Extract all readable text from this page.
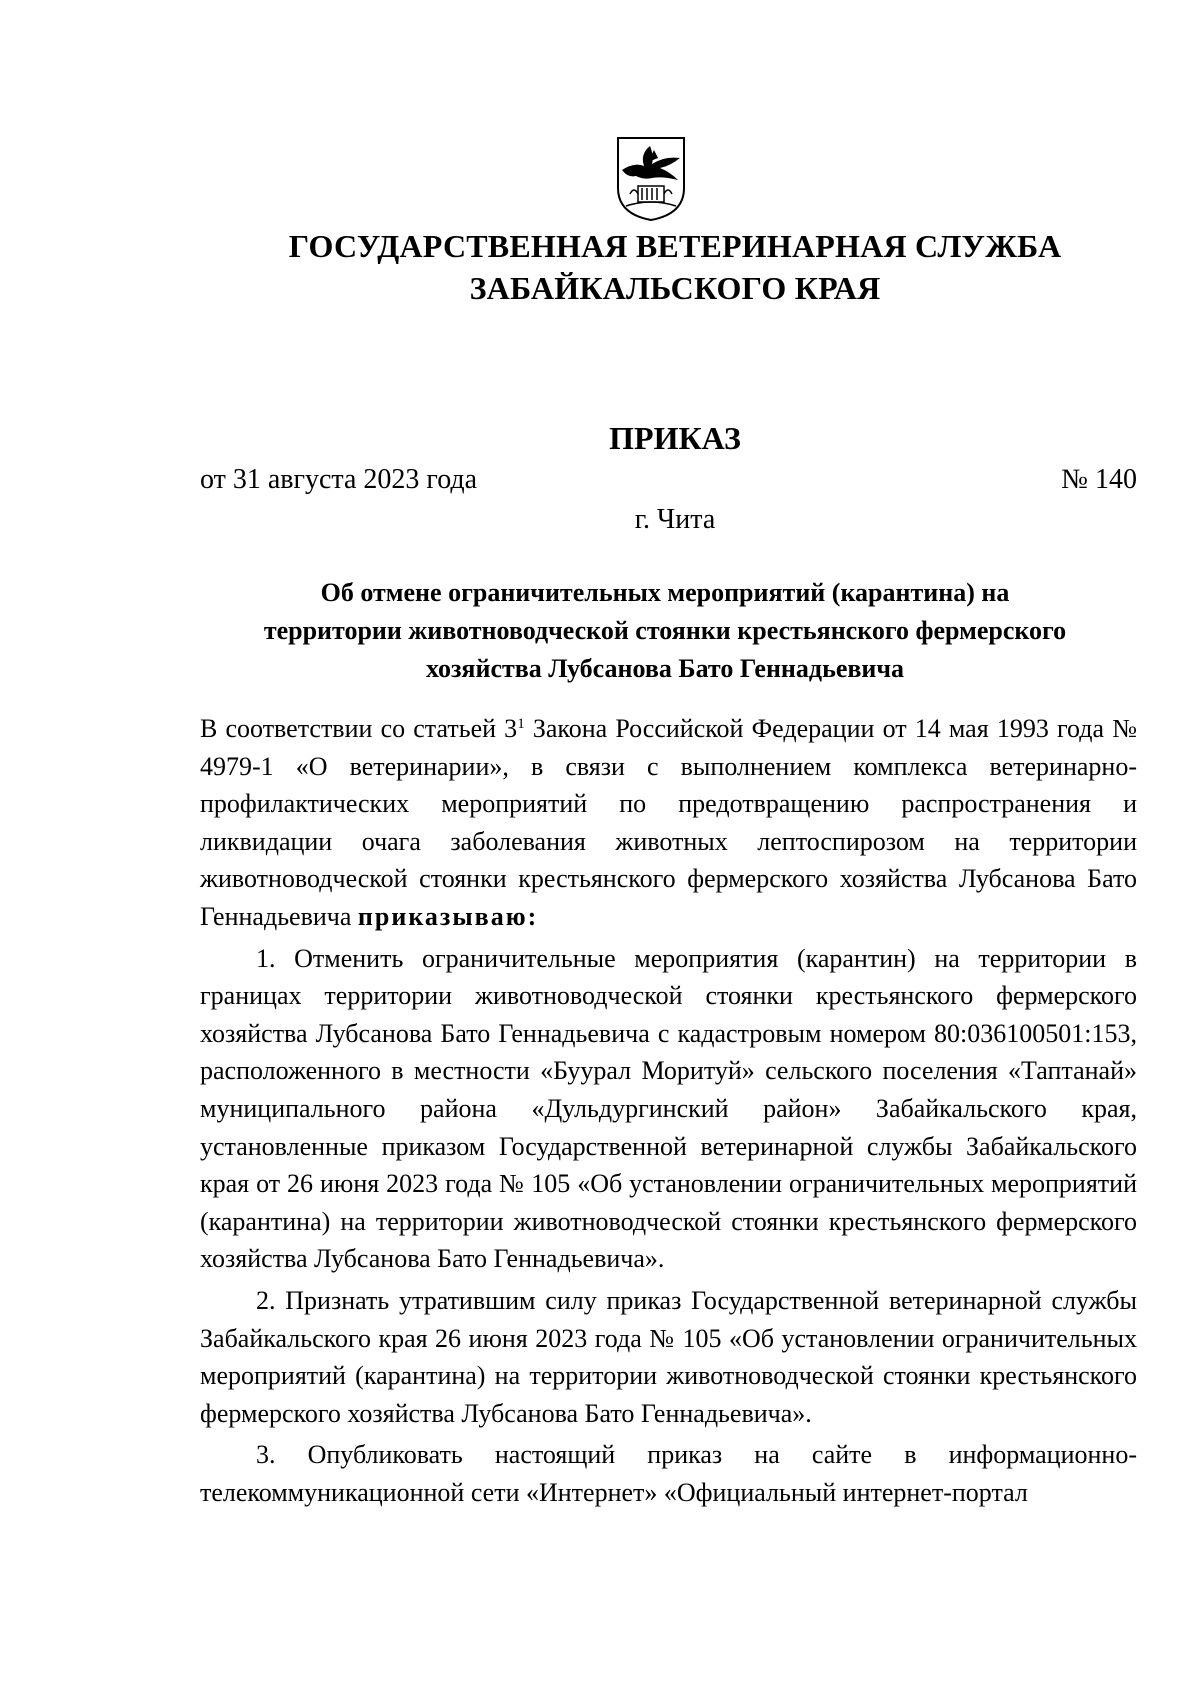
ГОСУДАРСТВЕННАЯ ВЕТЕРИНАРНАЯ СЛУЖБА
ЗАБАЙКАЛЬСКОГО КРАЯ
ПРИКАЗ
от 31 августа 2023 года	№ 140
г. Чита
Об отмене ограничительных мероприятий (карантина) на
территории животноводческой стоянки крестьянского фермерского
хозяйства Лубсанова Бато Геннадьевича

В соответствии со статьей $3^1$ Закона Российской Федерации от 14 мая 1993 года № 4979-1 «О ветеринарии», в связи с выполнением комплекса ветеринарно-профилактических мероприятий по предотвращению распространения и ликвидации очага заболевания животных лептоспирозом на территории животноводческой стоянки крестьянского фермерского хозяйства Лубсанова Бато Геннадьевича приказываю:

1. Отменить ограничительные мероприятия (карантин) на территории в границах территории животноводческой стоянки крестьянского фермерского хозяйства Лубсанова Бато Геннадьевича с кадастровым номером 80:036100501:153, расположенного в местности «Буурал Моритуй» сельского поселения «Таптанай» муниципального района «Дульдургинский район» Забайкальского края, установленные приказом Государственной ветеринарной службы Забайкальского края от 26 июня 2023 года № 105 «Об установлении ограничительных мероприятий (карантина) на территории животноводческой стоянки крестьянского фермерского хозяйства Лубсанова Бато Геннадьевича».

2. Признать утратившим силу приказ Государственной ветеринарной службы Забайкальского края 26 июня 2023 года № 105 «Об установлении ограничительных мероприятий (карантина) на территории животноводческой стоянки крестьянского фермерского хозяйства Лубсанова Бато Геннадьевича».

3. Опубликовать настоящий приказ на сайте в информационно-телекоммуникационной сети «Интернет» «Официальный интернет-портал
